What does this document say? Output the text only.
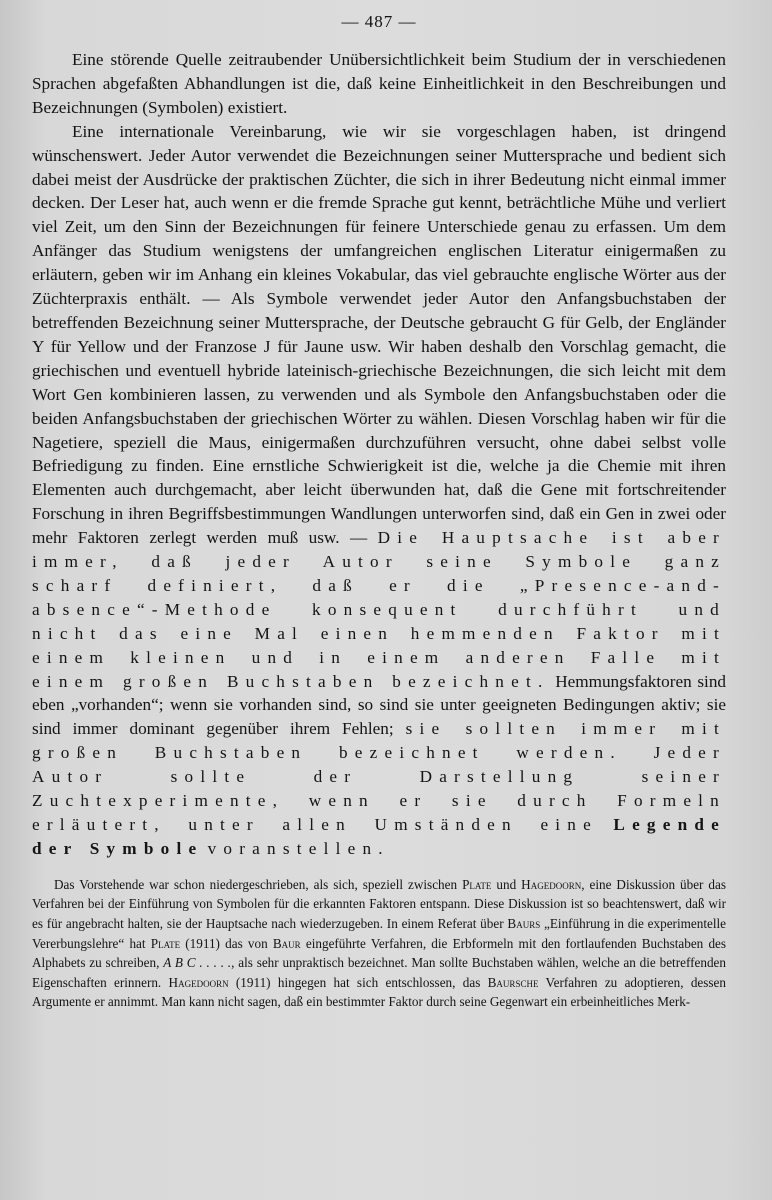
— 487 —

Eine störende Quelle zeitraubender Unübersichtlichkeit beim Studium der in verschiedenen Sprachen abgefaßten Abhandlungen ist die, daß keine Einheitlichkeit in den Beschreibungen und Bezeichnungen (Symbolen) existiert.

Eine internationale Vereinbarung, wie wir sie vorgeschlagen haben, ist dringend wünschenswert. Jeder Autor verwendet die Bezeichnungen seiner Muttersprache und bedient sich dabei meist der Ausdrücke der praktischen Züchter, die sich in ihrer Bedeutung nicht einmal immer decken. Der Leser hat, auch wenn er die fremde Sprache gut kennt, beträchtliche Mühe und verliert viel Zeit, um den Sinn der Bezeichnungen für feinere Unterschiede genau zu erfassen. Um dem Anfänger das Studium wenigstens der umfangreichen englischen Literatur einigermaßen zu erläutern, geben wir im Anhang ein kleines Vokabular, das viel gebrauchte englische Wörter aus der Züchterpraxis enthält. — Als Symbole verwendet jeder Autor den Anfangsbuchstaben der betreffenden Bezeichnung seiner Muttersprache, der Deutsche gebraucht G für Gelb, der Engländer Y für Yellow und der Franzose J für Jaune usw. Wir haben deshalb den Vorschlag gemacht, die griechischen und eventuell hybride lateinisch-griechische Bezeichnungen, die sich leicht mit dem Wort Gen kombinieren lassen, zu verwenden und als Symbole den Anfangsbuchstaben oder die beiden Anfangsbuchstaben der griechischen Wörter zu wählen. Diesen Vorschlag haben wir für die Nagetiere, speziell die Maus, einigermaßen durchzuführen versucht, ohne dabei selbst volle Befriedigung zu finden. Eine ernstliche Schwierigkeit ist die, welche ja die Chemie mit ihren Elementen auch durchgemacht, aber leicht überwunden hat, daß die Gene mit fortschreitender Forschung in ihren Begriffsbestimmungen Wandlungen unterworfen sind, daß ein Gen in zwei oder mehr Faktoren zerlegt werden muß usw. — Die Hauptsache ist aber immer, daß jeder Autor seine Symbole ganz scharf definiert, daß er die „Presence-and-absence“-Methode konsequent durchführt und nicht das eine Mal einen hemmenden Faktor mit einem kleinen und in einem anderen Falle mit einem großen Buchstaben bezeichnet. Hemmungsfaktoren sind eben „vorhanden“; wenn sie vorhanden sind, so sind sie unter geeigneten Bedingungen aktiv; sie sind immer dominant gegenüber ihrem Fehlen; sie sollten immer mit großen Buchstaben bezeichnet werden. Jeder Autor sollte der Darstellung seiner Zuchtexperimente, wenn er sie durch Formeln erläutert, unter allen Umständen eine Legende der Symbole voranstellen.

Das Vorstehende war schon niedergeschrieben, als sich, speziell zwischen Plate und Hagedoorn, eine Diskussion über das Verfahren bei der Einführung von Symbolen für die erkannten Faktoren entspann. Diese Diskussion ist so beachtenswert, daß wir es für angebracht halten, sie der Hauptsache nach wiederzugeben. In einem Referat über Baurs „Einführung in die experimentelle Vererbungslehre“ hat Plate (1911) das von Baur eingeführte Verfahren, die Erbformeln mit den fortlaufenden Buchstaben des Alphabets zu schreiben, A B C . . . . ., als sehr unpraktisch bezeichnet. Man sollte Buchstaben wählen, welche an die betreffenden Eigenschaften erinnern. Hagedoorn (1911) hingegen hat sich entschlossen, das Baursche Verfahren zu adoptieren, dessen Argumente er annimmt. Man kann nicht sagen, daß ein bestimmter Faktor durch seine Gegenwart ein erbeinheitliches Merk-
